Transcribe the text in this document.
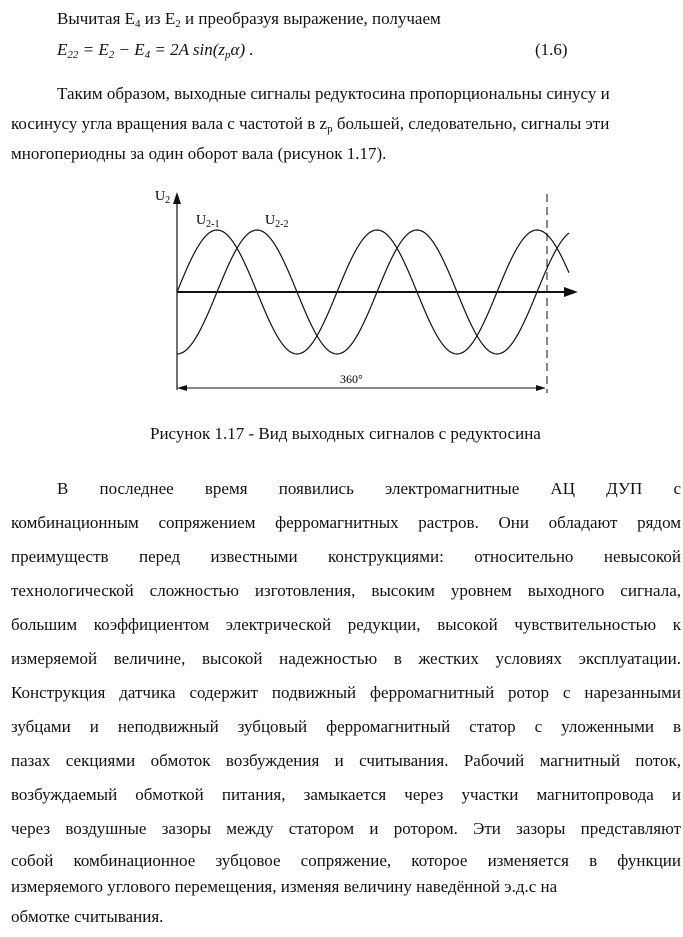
Вычитая $E_4$ из $E_2$ и преобразуя выражение, получаем
$E_{22} = E_2 - E_4 = 2A$ $\sin(z_p\alpha)$ .	(1.6)
Таким образом, выходные сигналы редуктосина пропорциональны синусу и
косинусу угла вращения вала с частотой в $z_p$ большей, следовательно, сигналы эти
многопериодны за один оборот вала (рисунок 1.17).
$U_2$
$U_{2-1}$	$U_{2-2}$
360°
Рисунок 1.17 - Вид выходных сигналов с редуктосина
В последнее время появились электромагнитные АЦ ДУП с
комбинационным сопряжением ферромагнитных растров. Они обладают рядом
преимуществ перед известными конструкциями: относительно невысокой
технологической сложностью изготовления, высоким уровнем выходного сигнала,
большим коэффициентом электрической редукции, высокой чувствительностью к
измеряемой величине, высокой надежностью в жестких условиях эксплуатации.
Конструкция датчика содержит подвижный ферромагнитный ротор с нарезанными
зубцами и неподвижный зубцовый ферромагнитный статор с уложенными в
пазах секциями обмоток возбуждения и считывания. Рабочий магнитный поток,
возбуждаемый обмоткой питания, замыкается через участки магнитопровода и
через воздушные зазоры между статором и ротором. Эти зазоры представляют
собой комбинационное зубцовое сопряжение, которое изменяется в функции
измеряемого углового перемещения, изменяя величину наведённой э.д.с на
обмотке считывания.
